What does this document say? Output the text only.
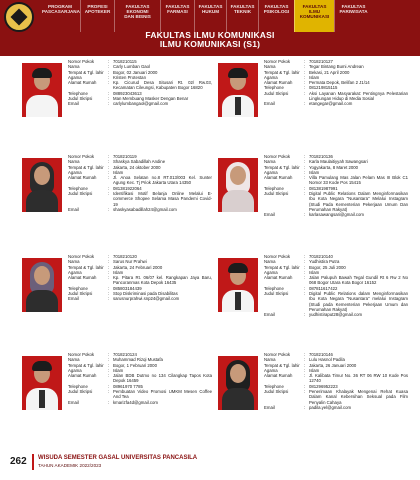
PROGRAM
PASCASARJANA
PROFESI
APOTEKER
FAKULTAS EKONOMI
DAN BISNIS
FAKULTAS
FARMASI
FAKULTAS
HUKUM
FAKULTAS
TEKNIK
FAKULTAS
PSIKOLOGI
FAKULTAS ILMU
KOMUNIKASI
FAKULTAS
PARIWISATA
FAKULTAS ILMU KOMUNIKASI
ILMU KOMUNIKASI (S1)
Nomor Pokok	: 7018210115
Nama	: Carly Lumban Gaol
Tempat & Tgl. lahir : Bogor, 02 Januari 2000
Agama	: Kristen Protestan
Alamat Rumah	: Kp. Cicurud Desa Situsari Rt. 02/ Rw.03, Kecamatan Cileungsi, Kabupaten Bogor 16820
Telephone	: 088923043613
Judul Skripsi	: Man Membuang Masker Dengan Benar
Email	: carlylumbangaol@gmail.com
Nomor Pokok	: 7018210127
Nama	: Tegar Bintang Bumi Andrean
Tempat & Tgl. lahir : Bekasi, 21 April 2000
Agama	: Islam
Alamat Rumah	: Permata Depok, Belifan 2 J1/14
Telephone	: 081219815115
Judul Skripsi	: Aksi Layanan Masyarakat: Pentingnya Pelestarian Lingkungan Hidup di Media Sosial
Email	: etangegar@gmail.com
Nomor Pokok	: 7018210119
Nama	: Shaskya Sabadillah Andine
Tempat & Tgl. lahir : Jakarta, 24 oktober 2000
Agama	: Islam
Alamat Rumah	: Jl. Anoa Selatan no.8 RT.013/003 Kel. Sunter Agung Kec. Tj Priok Jakarta Utara 14350
Telephone	: 081381922064
Judul Skripsi	: Identifikasi Motif Belanja Online Melalui E-commerce Shopee Selama Masa Pandemi Covid-19
Email	: shaskyasabadillah24@gmail.com
Nomor Pokok	: 7018210136
Nama	: Karla Maulaitiyyah Sawangsari
Tempat & Tgl. lahir : Yogyakarta, 8 Maret 2000
Agama	: Islam
Alamat Rumah	: Villa Pamulang Mas Jalan Pelam Mas III Blok C1 Nomor 33 Kode Pos 15415
Telephone	: 081381987991
Judul Skripsi	: Digital Public Relations Dalam Menginformasikan Ibu Kota Negara "Nusantara" Melalui Instagram (Studi Pada Kementerian Pekerjaan Umum Dan Perumahan Rakyat)
Email	: karlasawangsari@gmail.com
Nomor Pokok	: 7018210120
Nama	: Sarus Nur Prahwi
Tempat & Tgl. lahir : Jakarta, 24 Februari 2000
Agama	: Islam
Alamat Rumah	: Kp. Pitara Rt. 06/07 kel. Rangkapan Jaya Baru, Pancoranmas Kota Depok 16435
Telephone	: 085803184439
Judul Skripsi	: Stop Diskriminasi pada Disabilitas
Email	: sarusnurprahwi.snp24@gmail.com
Nomor Pokok	: 7018210140
Nama	: Yudhistira Putra
Tempat & Tgl. lahir : Bogor, 25 Juli 2000
Agama	: Islam
Alamat Rumah	: Jalan Palupuh Bawah Tegal Gundil Rt 6 Rw 2 No 068 Bogor Utara Kota Bogor 16152
Telephone	: 087811617422
Judul Skripsi	: Digital Public Relations dalam Menginformasikan Ibu Kota Negara "Nusantara" melalui Instagram (Studi pada Kementerian Pekerjaan Umum dan Perumahan Rakyat)
Email	: yudhistiraput28@gmail.com
Nomor Pokok	: 7018210124
Nama	: Muhammad Rizqi Mustafa
Tempat & Tgl. lahir : Bogor, 1 Februari 2000
Agama	: Islam
Alamat Rumah	: Jalan BDB Dutmo no 134 Cilangkap Tapos Kota Depok 16459
Telephone	: 08961970 7785
Judul Skripsi	: Pembuatan Video Promosi UMKM Mesen Coffee And Tea
Email	: kmarizfa4d@gmail.com
Nomor Pokok	: 7018210146
Nama	: Lulu Hasnol Padila
Tempat & Tgl. lahir : Jakarta, 26 Januari 2000
Agama	: Islam
Alamat Rumah	: Jl. Kalibata Timur No. 36 RT 06 RW 10 Kode Pos 12740
Telephone	: 081296952223
Judul Skripsi	: Penerimaan Khalayak Mengenai Rehat Kuasa Dalam Kanal Kebersihan Seksual pada Film Penyalin Cahaya
Email	: padila.yel@gmail.com
262 WISUDA SEMESTER GASAL UNIVERSITAS PANCASILA
TAHUN AKADEMIK 2022/2023
